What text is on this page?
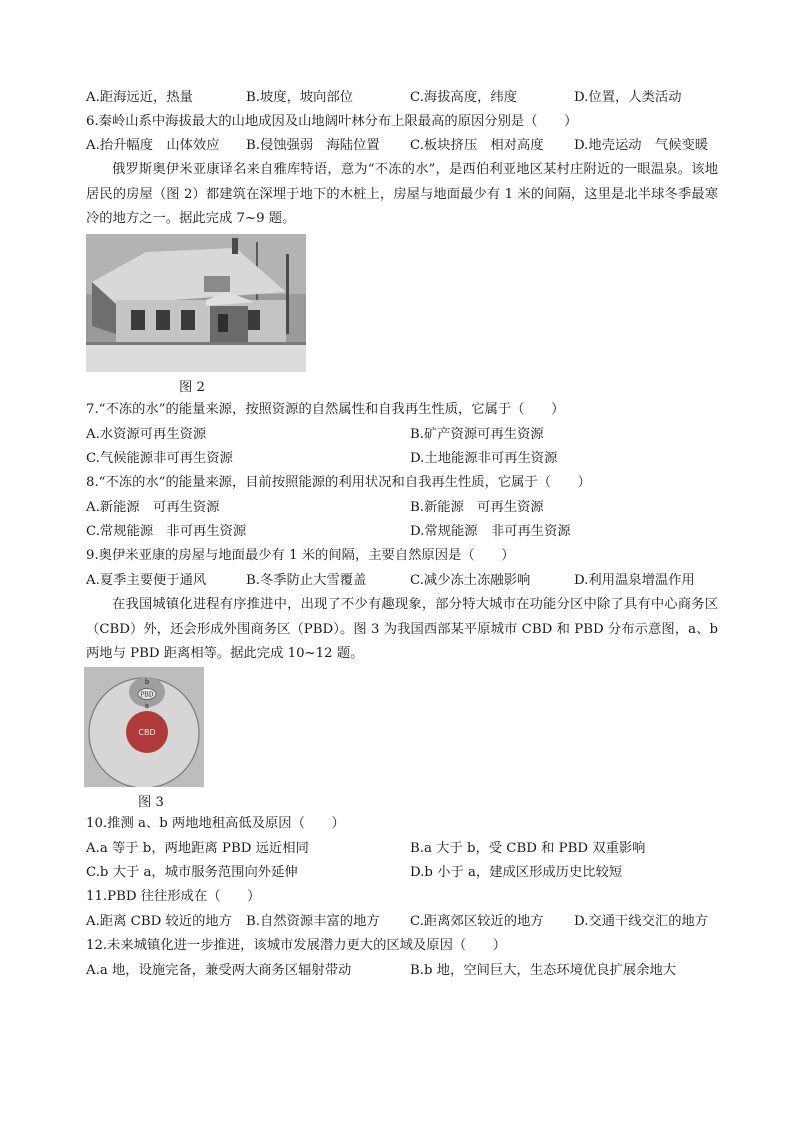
A.距海远近，热量	B.坡度，坡向部位	C.海拔高度，纬度	D.位置，人类活动
6.秦岭山系中海拔最大的山地成因及山地阔叶林分布上限最高的原因分别是（　　）
A.抬升幅度　山体效应 B.侵蚀强弱　海陆位置 C.板块挤压　相对高度 D.地壳运动　气候变暖
俄罗斯奥伊米亚康译名来自雅库特语，意为“不冻的水”，是西伯利亚地区某村庄附近的一眼温泉。该地居民的房屋（图 2）都建筑在深埋于地下的木桩上，房屋与地面最少有 1 米的间隔，这里是北半球冬季最寒冷的地方之一。据此完成 7~9 题。
图 2
7.“不冻的水”的能量来源，按照资源的自然属性和自我再生性质，它属于（　　）
A.水资源可再生资源	B.矿产资源可再生资源
C.气候能源非可再生资源	D.土地能源非可再生资源
8.“不冻的水”的能量来源，目前按照能源的利用状况和自我再生性质，它属于（　　）
A.新能源　可再生资源	B.新能源　可再生资源
C.常规能源　非可再生资源	D.常规能源　非可再生资源
9.奥伊米亚康的房屋与地面最少有 1 米的间隔，主要自然原因是（　　）
A.夏季主要便于通风	B.冬季防止大雪覆盖	C.减少冻土冻融影响	D.利用温泉增温作用
在我国城镇化进程有序推进中，出现了不少有趣现象，部分特大城市在功能分区中除了具有中心商务区（CBD）外，还会形成外围商务区（PBD）。图 3 为我国西部某平原城市 CBD 和 PBD 分布示意图，a、b 两地与 PBD 距离相等。据此完成 10~12 题。
b
PBD
a
CBD
图 3
10.推测 a、b 两地地租高低及原因（　　）
A.a 等于 b，两地距离 PBD 远近相同	B.a 大于 b，受 CBD 和 PBD 双重影响
C.b 大于 a，城市服务范围向外延伸	D.b 小于 a，建成区形成历史比较短
11.PBD 往往形成在（　　）
A.距离 CBD 较近的地方 B.自然资源丰富的地方 C.距离郊区较近的地方 D.交通干线交汇的地方
12.未来城镇化进一步推进，该城市发展潜力更大的区域及原因（　　）
A.a 地，设施完备，兼受两大商务区辐射带动	B.b 地，空间巨大，生态环境优良扩展余地大
